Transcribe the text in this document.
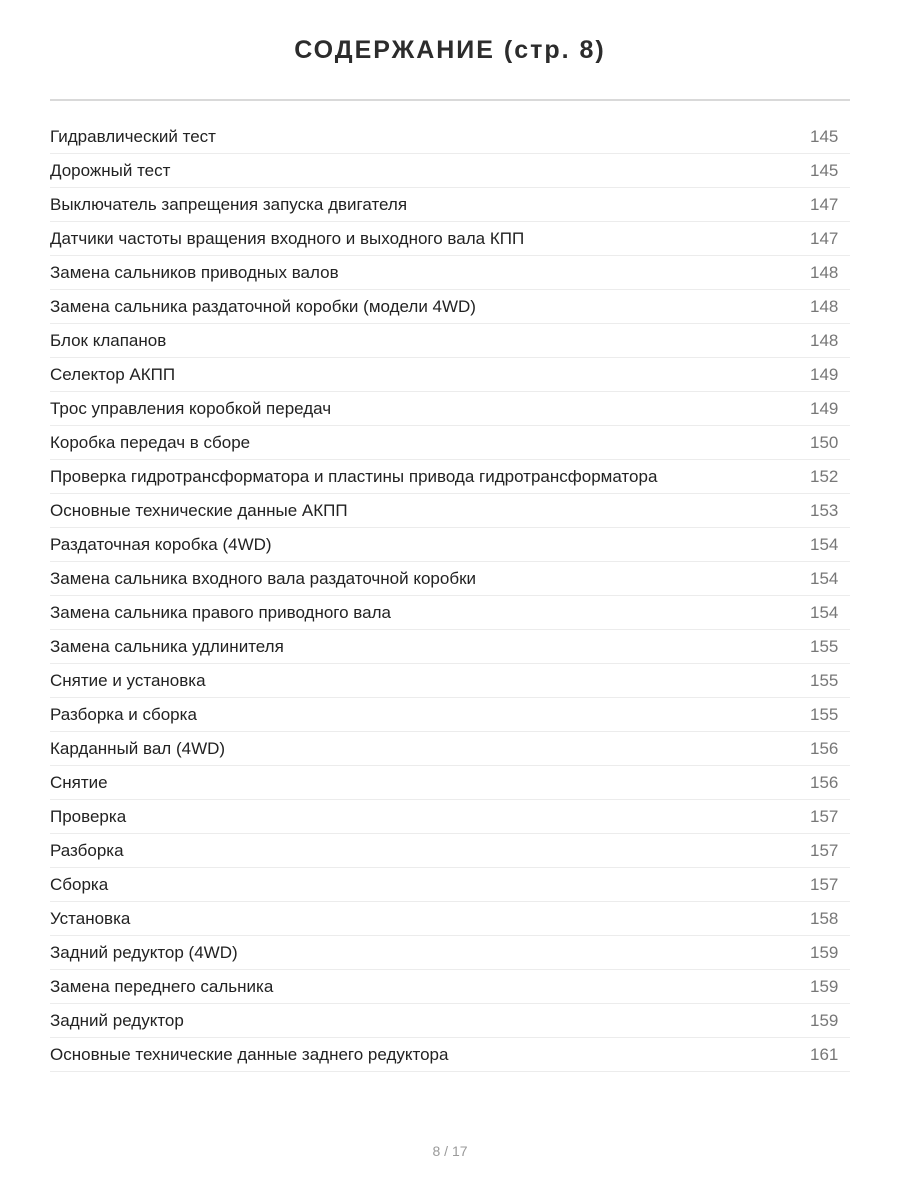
СОДЕРЖАНИЕ (стр. 8)
Гидравлический тест	145
Дорожный тест	145
Выключатель запрещения запуска двигателя	147
Датчики частоты вращения входного и выходного вала КПП	147
Замена сальников приводных валов	148
Замена сальника раздаточной коробки (модели 4WD)	148
Блок клапанов	148
Селектор АКПП	149
Трос управления коробкой передач	149
Коробка передач в сборе	150
Проверка гидротрансформатора и пластины привода гидротрансформатора	152
Основные технические данные АКПП	153
Раздаточная коробка (4WD)	154
Замена сальника входного вала раздаточной коробки	154
Замена сальника правого приводного вала	154
Замена сальника удлинителя	155
Снятие и установка	155
Разборка и сборка	155
Карданный вал (4WD)	156
Снятие	156
Проверка	157
Разборка	157
Сборка	157
Установка	158
Задний редуктор (4WD)	159
Замена переднего сальника	159
Задний редуктор	159
Основные технические данные заднего редуктора	161
8 / 17
